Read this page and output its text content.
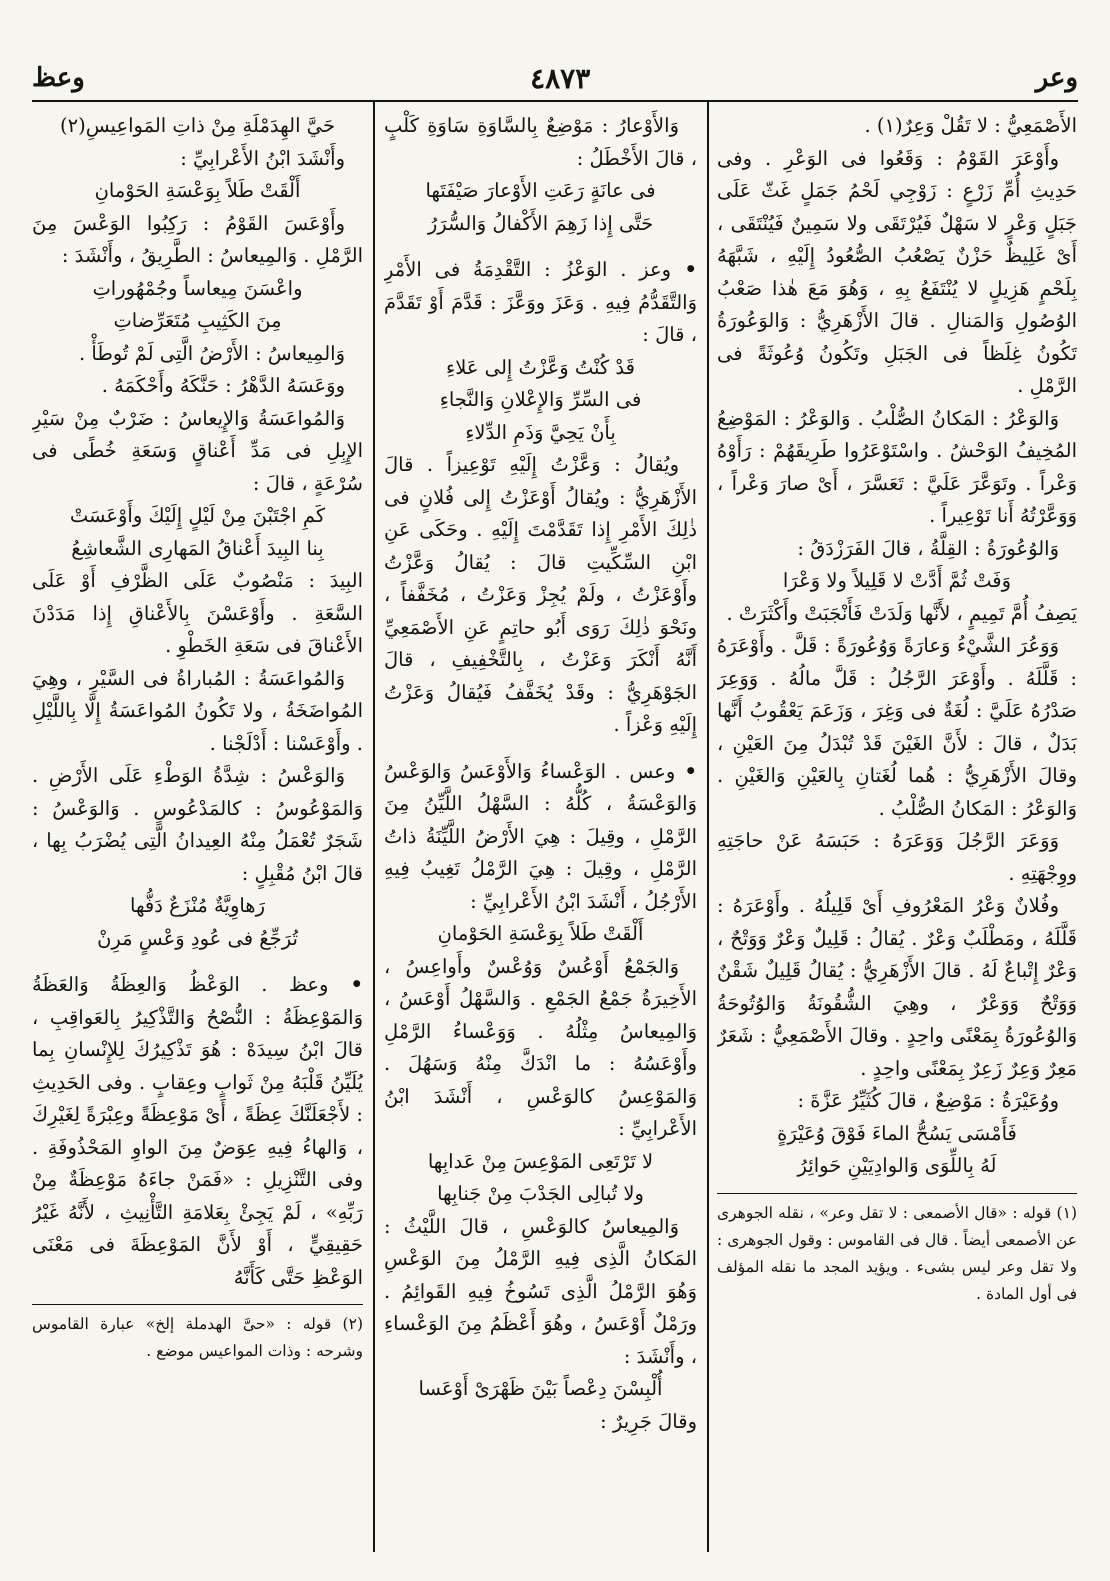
وعر
٤٨٧٣
وعظ

الأَصْمَعِيُّ : لا تَقُلْ وَعِرٌ(١) .

وأَوْعَرَ القَوْمُ : وَقَعُوا فى الوَعْرِ . وفى حَدِيثِ أُمِّ زَرْعٍ : زَوْجِي لَحْمُ جَمَلٍ غَثّ عَلَى جَبَلٍ وَعْرٍ لا سَهْلٌ فَيُرْتَقَى ولا سَمِينٌ فَيُنْتَقَى ، أَىْ غَلِيظٌ حَزْنٌ يَصْعُبُ الصُّعُودُ إِلَيْهِ ، شَبَّهَهُ بِلَحْمٍ هَزِيلٍ لا يُنْتَفَعُ بِهِ ، وَهُوَ مَعَ هٰذا صَعْبُ الوُصُولِ وَالمَنالِ . قالَ الأَزْهَرِيُّ : وَالوَعُورَةُ تَكُونُ غِلَظاً فى الجَبَلِ وتَكُونُ وُعُوثَةً فى الرَّمْلِ .

وَالوَعْرُ : المَكانُ الصُّلْبُ . وَالوَعْرُ : المَوْضِعُ المُخِيفُ الوَحْشُ . واسْتَوْعَرُوا طَرِيقَهُمْ : رَأَوْهُ وَعْراً . وتَوَعَّرَ عَلَيَّ : تَعَسَّرَ ، أَىْ صارَ وَعْراً ، وَوَعَّرْتُهُ أَنا تَوْعِيراً .

وَالوُعُورَةُ : القِلَّةُ ، قالَ الفَرَزْدَقُ :

وَفَتْ ثُمَّ أَدَّتْ لا قَلِيلاً ولا وَعْرَا

يَصِفُ أُمَّ تَمِيمٍ ، لأَنَّها وَلَدَتْ فَأَنْجَبَتْ وأَكْثَرَتْ .

وَوَعُرَ الشَّيْءُ وَعارَةً وَوُعُورَةً : قَلَّ . وأَوْعَرَهُ : قَلَّلَهُ . وأَوْعَرَ الرَّجُلُ : قَلَّ مالُهُ . وَوَعِرَ صَدْرُهُ عَلَيَّ : لُغَةٌ فى وَغِرَ ، وَزَعَمَ يَعْقُوبُ أَنَّها بَدَلٌ ، قالَ : لأَنَّ الغَيْنَ قَدْ تُبْدَلُ مِنَ العَيْنِ ، وقالَ الأَزْهَرِيُّ : هُما لُغَتانِ بِالعَيْنِ وَالغَيْنِ . وَالوَعْرُ : المَكانُ الصُّلْبُ .

وَوَعَرَ الرَّجُلَ وَوَعَرَهُ : حَبَسَهُ عَنْ حاجَتِهِ ووِجْهَتِهِ .

وفُلانٌ وَعْرُ المَعْرُوفِ أَىْ قَلِيلُهُ . وأَوْعَرَهُ : قَلَّلَهُ ، ومَطْلَبٌ وَعْرٌ . يُقالُ : قَلِيلٌ وَعْرٌ وَوَتْحٌ ، وَعْرٌ إِتْباعٌ لَهُ . قالَ الأَزْهَرِيُّ : يُقالُ قَلِيلٌ شَقْنٌ وَوَتْحٌ وَوَعْرٌ ، وهِيَ الشُّقُونَةُ وَالوُتُوحَةُ وَالوُعُورَةُ بِمَعْنًى واحِدٍ . وقالَ الأَصْمَعِيُّ : شَعَرٌ مَعِرٌ وَعِرٌ زَعِرٌ بِمَعْنًى واحِدٍ .

ووُعَيْرَةُ : مَوْضِعٌ ، قالَ كُثَيِّرُ عَزَّةَ :

فَأَمْسَى يَسُحُّ الماءَ فَوْقَ وُعَيْرَةٍ

لَهُ بِاللِّوَى وَالوادِيَيْنِ حَوائِرُ

(١) قوله : «قال الأصمعى : لا تقل وعر» ، نقله الجوهرى عن الأصمعى أيضاً . قال فى القاموس : وقول الجوهرى : ولا تقل وعر ليس بشىء . ويؤيد المجد ما نقله المؤلف فى أول المادة .

وَالأَوْعارُ : مَوْضِعٌ بِالسَّاوَةِ سَاوَةِ كَلْبٍ ، قالَ الأَخْطَلُ :

فى عانَةٍ رَعَتِ الأَوْعارَ صَيْفَتَها

حَتَّى إِذا زَهِمَ الأَكْفالُ وَالسُّرَرُ

• وعز . الوَعْزُ : التَّقْدِمَةُ فى الأَمْرِ وَالتَّقَدُّمُ فِيهِ . وَعَزَ ووَعَّزَ : قَدَّمَ أَوْ تَقَدَّمَ ، قالَ :

قَدْ كُنْتُ وَعَّزْتُ إِلى عَلاءِ

فى السِّرِّ وَالإِعْلانِ وَالنَّجاءِ

بِأَنْ يَحِيَّ وَذَمِ الدِّلاءِ

ويُقالُ : وَعَّزْتُ إِلَيْهِ تَوْعِيزاً . قالَ الأَزْهَرِيُّ : ويُقالُ أَوْعَزْتُ إِلى فُلانٍ فى ذٰلِكَ الأَمْرِ إِذا تَقَدَّمْتَ إِلَيْهِ . وحَكَى عَنِ ابْنِ السِّكِّيتِ قالَ : يُقالُ وَعَّزْتُ وأَوْعَزْتُ ، ولَمْ يُجِزْ وَعَزْتُ ، مُخَفَّفاً ، ونَحْوَ ذٰلِكَ رَوَى أَبُو حاتِمٍ عَنِ الأَصْمَعِيِّ أَنَّهُ أَنْكَرَ وَعَزْتُ ، بِالتَّخْفِيفِ ، قالَ الجَوْهَرِيُّ : وقَدْ يُخَفَّفُ فَيُقالُ وَعَزْتُ إِلَيْهِ وَعْزاً .

• وعس . الوَعْساءُ وَالأَوْعَسُ وَالوَعْسُ وَالوَعْسَةُ ، كُلُّهُ : السَّهْلُ اللَّيِّنُ مِنَ الرَّمْلِ ، وقِيلَ : هِيَ الأَرْضُ اللَّيِّنَةُ ذاتُ الرَّمْلِ ، وقِيلَ : هِيَ الرَّمْلُ تَغِيبُ فِيهِ الأَرْجُلُ ، أَنْشَدَ ابْنُ الأَعْرابِيِّ :

أَلْقَتْ طَلاً بِوَعْسَةِ الحَوْمانِ

وَالجَمْعُ أَوْعُسٌ وَوُعْسٌ وأَواعِسُ ، الأَخِيرَةُ جَمْعُ الجَمْعِ . وَالسَّهْلُ أَوْعَسُ ، وَالمِيعاسُ مِثْلُهُ . وَوَعْساءُ الرَّمْلِ وأَوْعَسُهُ : ما انْدَكَّ مِنْهُ وَسَهُلَ . وَالمَوْعِسُ كالوَعْسِ ، أَنْشَدَ ابْنُ الأَعْرابِيِّ :

لا تَرْتَعِى المَوْعِسَ مِنْ عَدابِها

ولا تُبالِى الجَدْبَ مِنْ جَنابِها

وَالمِيعاسُ كالوَعْسِ ، قالَ اللَّيْثُ : المَكانُ الَّذِى فِيهِ الرَّمْلُ مِنَ الوَعْسِ وَهُوَ الرَّمْلُ الَّذِى تَسُوخُ فِيهِ القَوائِمُ . ورَمْلٌ أَوْعَسُ ، وهُوَ أَعْظَمُ مِنَ الوَعْساءِ ، وأَنْشَدَ :

أُلْبِسْنَ دِعْصاً بَيْنَ ظَهْرَىْ أَوْعَسا

وقالَ جَرِيرٌ :

حَيَّ الهِدَمْلَةِ مِنْ ذاتِ المَواعِيسِ(٢)

وأَنْشَدَ ابْنُ الأَعْرابِيِّ :

أَلْقَتْ طَلاً بِوَعْسَةِ الحَوْمانِ

وأَوْعَسَ القَوْمُ : رَكِبُوا الوَعْسَ مِنَ الرَّمْلِ . وَالمِيعاسُ : الطَّرِيقُ ، وأَنْشَدَ :

واعْسَنَ مِيعاساً وجُمْهُوراتِ

مِنَ الكَثِيبِ مُتَعَرِّضاتِ

وَالمِيعاسُ : الأَرْضُ الَّتِى لَمْ تُوطَأْ .

ووَعَسَهُ الدَّهْرُ : حَنَّكَهُ وأَحْكَمَهُ .

وَالمُواعَسَةُ وَالإِيعاسُ : ضَرْبٌ مِنْ سَيْرِ الإِبِلِ فى مَدِّ أَعْناقٍ وَسَعَةِ خُطًى فى سُرْعَةٍ ، قالَ :

كَمِ اجْتَبْنَ مِنْ لَيْلٍ إِلَيْكَ وأَوْعَسَتْ

بِنا البِيدَ أَعْناقُ المَهارِى الشَّعاشِعُ

البِيدَ : مَنْصُوبٌ عَلَى الظَّرْفِ أَوْ عَلَى السَّعَةِ . وأَوْعَسْنَ بِالأَعْناقِ إِذا مَدَدْنَ الأَعْناقَ فى سَعَةِ الخَطْوِ .

وَالمُواعَسَةُ : المُباراةُ فى السَّيْرِ ، وهِيَ المُواضَخَةُ ، ولا تَكُونُ المُواعَسَةُ إِلَّا بِاللَّيْلِ . وأَوْعَسْنا : أَدْلَجْنا .

وَالوَعْسُ : شِدَّةُ الوَطْءِ عَلَى الأَرْضِ . وَالمَوْعُوسُ : كالمَدْعُوسِ . وَالوَعْسُ : شَجَرٌ تُعْمَلُ مِنْهُ العِيدانُ الَّتِى يُضْرَبُ بِها ، قالَ ابْنُ مُقْبِلٍ :

رَهاوِيَّةٌ مُنْزَعٌ دَفُّها

تُرَجِّعُ فى عُودِ وَعْسٍ مَرِنْ

• وعظ . الوَعْظُ وَالعِظَةُ وَالعَظَةُ وَالمَوْعِظَةُ : النُّصْحُ وَالتَّذْكِيرُ بِالعَواقِبِ ، قالَ ابْنُ سِيدَهْ : هُوَ تَذْكِيرُكَ لِلإِنْسانِ بِما يُلَيِّنُ قَلْبَهُ مِنْ ثَوابٍ وعِقابٍ . وفى الحَدِيثِ : لأَجْعَلَنَّكَ عِظَةً ، أَىْ مَوْعِظَةً وعِبْرَةً لِغَيْرِكَ ، وَالهاءُ فِيهِ عِوَضٌ مِنَ الواوِ المَحْذُوفَةِ . وفى التَّنْزِيلِ : «فَمَنْ جاءَهُ مَوْعِظَةٌ مِنْ رَبِّهِ» ، لَمْ يَجِئْ بِعَلامَةِ التَّأْنِيثِ ، لأَنَّهُ غَيْرُ حَقِيقِيٍّ ، أَوْ لأَنَّ المَوْعِظَةَ فى مَعْنَى الوَعْظِ حَتَّى كَأَنَّهُ

(٢) قوله : «حىَّ الهدملة إلخ» عبارة القاموس وشرحه : وذات المواعيس موضع .
